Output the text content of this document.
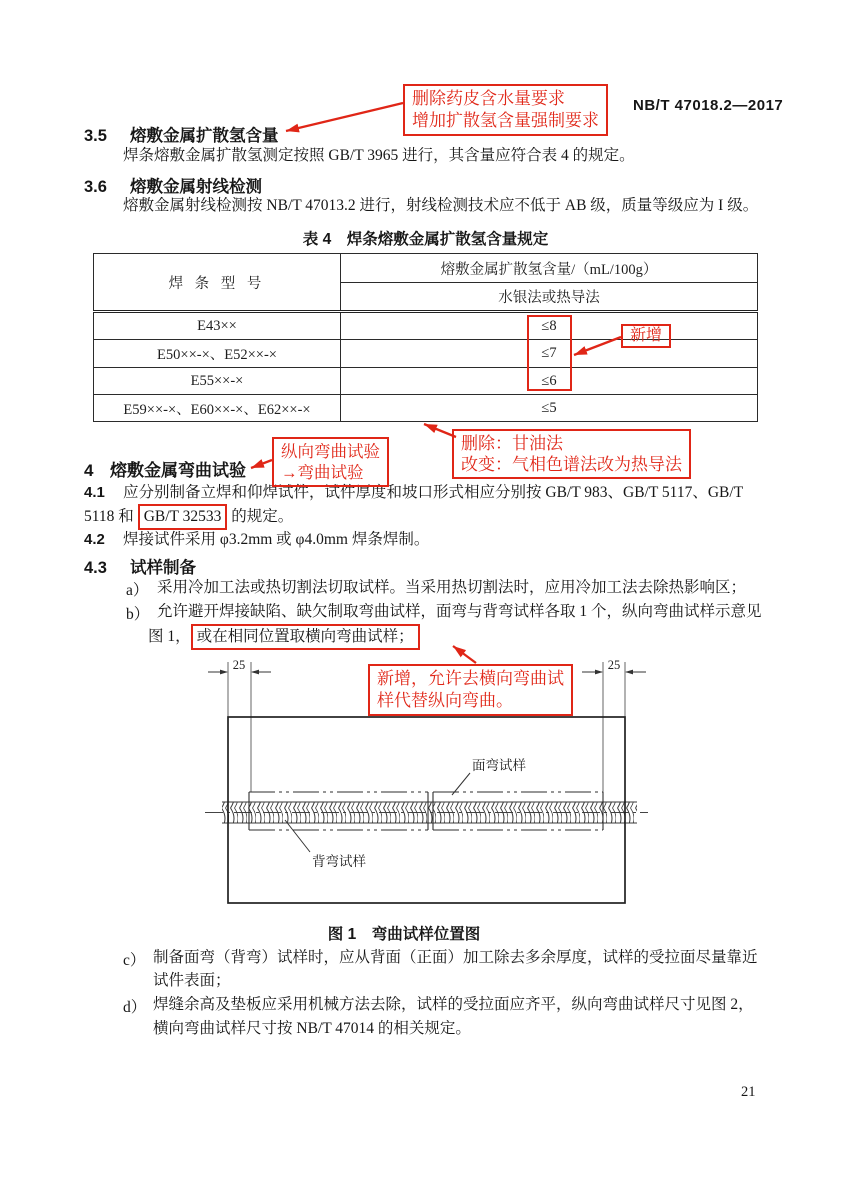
NB/T 47018.2—2017
3.5 熔敷金属扩散氢含量
焊条熔敷金属扩散氢测定按照 GB/T 3965 进行，其含量应符合表 4 的规定。
3.6 熔敷金属射线检测
熔敷金属射线检测按 NB/T 47013.2 进行，射线检测技术应不低于 AB 级，质量等级应为 I 级。
表 4　焊条熔敷金属扩散氢含量规定
焊 条 型 号	熔敷金属扩散氢含量/（mL/100g）
	水银法或热导法
E43××	≤8
E50××-×、E52××-×	≤7
E55××-×	≤6
E59××-×、E60××-×、E62××-×	≤5
4 熔敷金属弯曲试验
4.1 应分别制备立焊和仰焊试件，试件厚度和坡口形式相应分别按 GB/T 983、GB/T 5117、GB/T
5118 和 GB/T 32533 的规定。
4.2 焊接试件采用 φ3.2mm 或 φ4.0mm 焊条焊制。
4.3 试样制备
a） 采用冷加工法或热切割法切取试样。当采用热切割法时，应用冷加工法去除热影响区；
b） 允许避开焊接缺陷、缺欠制取弯曲试样，面弯与背弯试样各取 1 个，纵向弯曲试样示意见
图 1， 或在相同位置取横向弯曲试样；
c） 制备面弯（背弯）试样时，应从背面（正面）加工除去多余厚度，试样的受拉面尽量靠近
试件表面；
d） 焊缝余高及垫板应采用机械方法去除，试样的受拉面应齐平，纵向弯曲试样尺寸见图 2，
横向弯曲试样尺寸按 NB/T 47014 的相关规定。
25	25
面弯试样
背弯试样
图 1　弯曲试样位置图
删除药皮含水量要求
增加扩散氢含量强制要求
新增
纵向弯曲试验
→弯曲试验
删除：甘油法
改变：气相色谱法改为热导法
新增，允许去横向弯曲试
样代替纵向弯曲。
21
